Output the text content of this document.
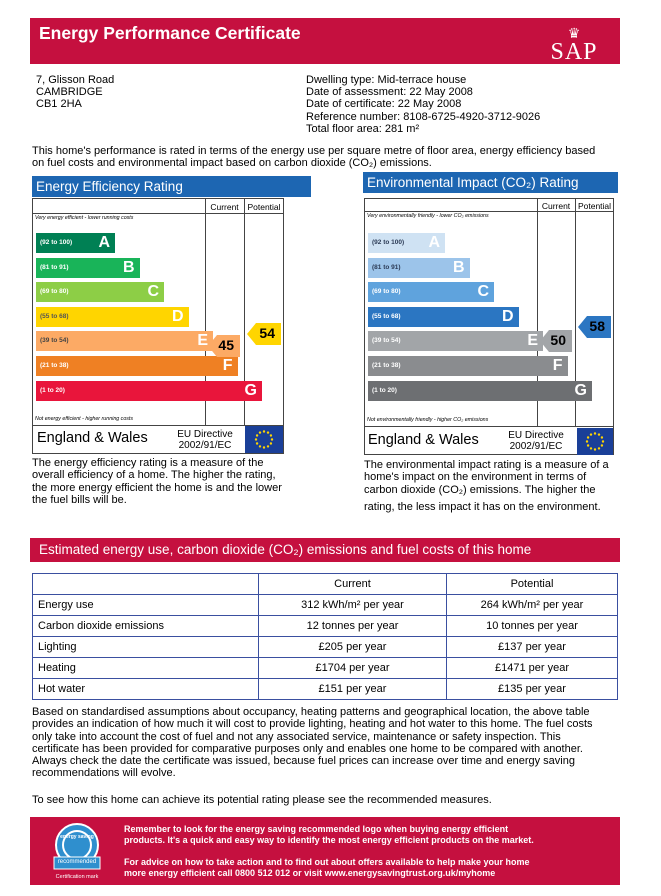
Energy Performance Certificate	♛
SAP
© Crown copyright 2005
7, Glisson Road
CAMBRIDGE
CB1 2HA
Dwelling type: Mid-terrace house
Date of assessment: 22 May 2008
Date of certificate: 22 May 2008
Reference number: 8108-6725-4920-3712-9026
Total floor area: 281 m²
This home's performance is rated in terms of the energy use per square metre of floor area, energy efficiency based
on fuel costs and environmental impact based on carbon dioxide (CO₂) emissions.
Energy Efficiency Rating
Current	Potential
Very energy efficient - lower running costs
Not energy efficient - higher running costs
(92 to 100) A
(81 to 91)	B
(69 to 80)	C
(55 to 68)	D
(39 to 54)	E
(21 to 38)	F
(1 to 20)	G
45
54
England & Wales	EU Directive
2002/91/EC
The energy efficiency rating is a measure of the
overall efficiency of a home. The higher the rating,
the more energy efficient the home is and the lower
the fuel bills will be.
Environmental Impact (CO₂) Rating
Current Potential
Very environmentally friendly - lower CO₂ emissions
Not environmentally friendly - higher CO₂ emissions
(92 to 100) A
(81 to 91)	B
(69 to 80)	C
(55 to 68)	D
(39 to 54)	E
(21 to 38)	F
(1 to 20)	G
50
58
England & Wales	EU Directive
2002/91/EC
The environmental impact rating is a measure of a
home's impact on the environment in terms of
carbon dioxide (CO₂) emissions. The higher the
rating, the less impact it has on the environment.
Estimated energy use, carbon dioxide (CO₂) emissions and fuel costs of this home
	Current	Potential
Energy use	312 kWh/m² per year	264 kWh/m² per year
Carbon dioxide emissions	12 tonnes per year	10 tonnes per year
Lighting	£205 per year	£137 per year
Heating	£1704 per year	£1471 per year
Hot water	£151 per year	£135 per year
Based on standardised assumptions about occupancy, heating patterns and geographical location, the above table
provides an indication of how much it will cost to provide lighting, heating and hot water to this home. The fuel costs
only take into account the cost of fuel and not any associated service, maintenance or safety inspection. This
certificate has been provided for comparative purposes only and enables one home to be compared with another.
Always check the date the certificate was issued, because fuel prices can increase over time and energy saving
recommendations will evolve.
To see how this home can achieve its potential rating please see the recommended measures.
energy saving
recommended
Certification mark
Remember to look for the energy saving recommended logo when buying energy efficient
products. It's a quick and easy way to identify the most energy efficient products on the market.
For advice on how to take action and to find out about offers available to help make your home
more energy efficient call 0800 512 012 or visit www.energysavingtrust.org.uk/myhome
